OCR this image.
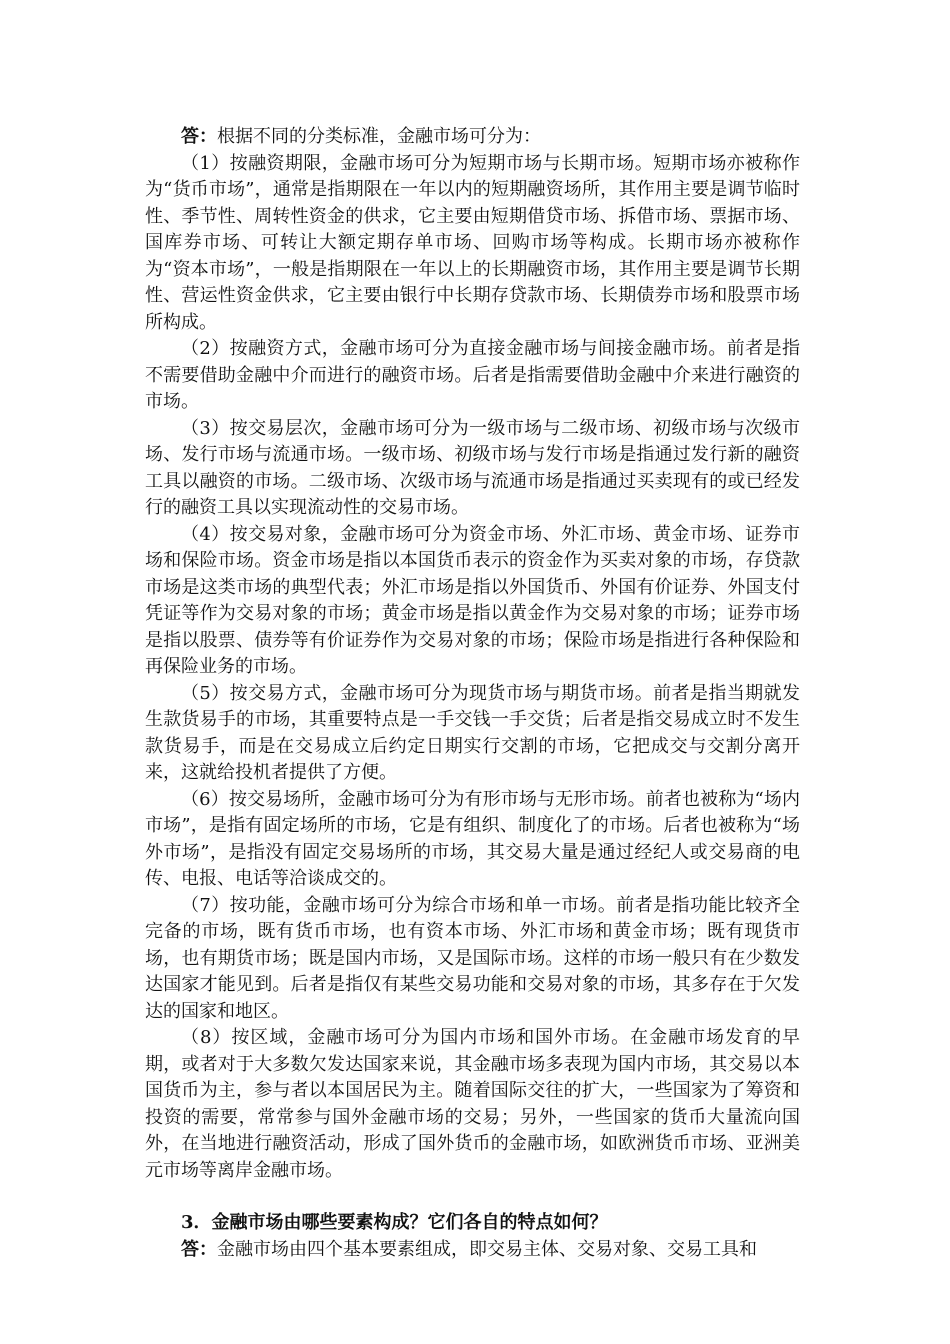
答：根据不同的分类标准，金融市场可分为：

（1）按融资期限，金融市场可分为短期市场与长期市场。短期市场亦被称作为“货币市场”，通常是指期限在一年以内的短期融资场所，其作用主要是调节临时性、季节性、周转性资金的供求，它主要由短期借贷市场、拆借市场、票据市场、国库券市场、可转让大额定期存单市场、回购市场等构成。长期市场亦被称作为“资本市场”，一般是指期限在一年以上的长期融资市场，其作用主要是调节长期性、营运性资金供求，它主要由银行中长期存贷款市场、长期债券市场和股票市场所构成。

（2）按融资方式，金融市场可分为直接金融市场与间接金融市场。前者是指不需要借助金融中介而进行的融资市场。后者是指需要借助金融中介来进行融资的市场。

（3）按交易层次，金融市场可分为一级市场与二级市场、初级市场与次级市场、发行市场与流通市场。一级市场、初级市场与发行市场是指通过发行新的融资工具以融资的市场。二级市场、次级市场与流通市场是指通过买卖现有的或已经发行的融资工具以实现流动性的交易市场。

（4）按交易对象，金融市场可分为资金市场、外汇市场、黄金市场、证券市场和保险市场。资金市场是指以本国货币表示的资金作为买卖对象的市场，存贷款市场是这类市场的典型代表；外汇市场是指以外国货币、外国有价证券、外国支付凭证等作为交易对象的市场；黄金市场是指以黄金作为交易对象的市场；证券市场是指以股票、债券等有价证券作为交易对象的市场；保险市场是指进行各种保险和再保险业务的市场。

（5）按交易方式，金融市场可分为现货市场与期货市场。前者是指当期就发生款货易手的市场，其重要特点是一手交钱一手交货；后者是指交易成立时不发生款货易手，而是在交易成立后约定日期实行交割的市场，它把成交与交割分离开来，这就给投机者提供了方便。

（6）按交易场所，金融市场可分为有形市场与无形市场。前者也被称为“场内市场”，是指有固定场所的市场，它是有组织、制度化了的市场。后者也被称为“场外市场”，是指没有固定交易场所的市场，其交易大量是通过经纪人或交易商的电传、电报、电话等洽谈成交的。

（7）按功能，金融市场可分为综合市场和单一市场。前者是指功能比较齐全完备的市场，既有货币市场，也有资本市场、外汇市场和黄金市场；既有现货市场，也有期货市场；既是国内市场，又是国际市场。这样的市场一般只有在少数发达国家才能见到。后者是指仅有某些交易功能和交易对象的市场，其多存在于欠发达的国家和地区。

（8）按区域，金融市场可分为国内市场和国外市场。在金融市场发育的早期，或者对于大多数欠发达国家来说，其金融市场多表现为国内市场，其交易以本国货币为主，参与者以本国居民为主。随着国际交往的扩大，一些国家为了筹资和投资的需要，常常参与国外金融市场的交易；另外，一些国家的货币大量流向国外，在当地进行融资活动，形成了国外货币的金融市场，如欧洲货币市场、亚洲美元市场等离岸金融市场。

3．金融市场由哪些要素构成？它们各自的特点如何？

答：金融市场由四个基本要素组成，即交易主体、交易对象、交易工具和
